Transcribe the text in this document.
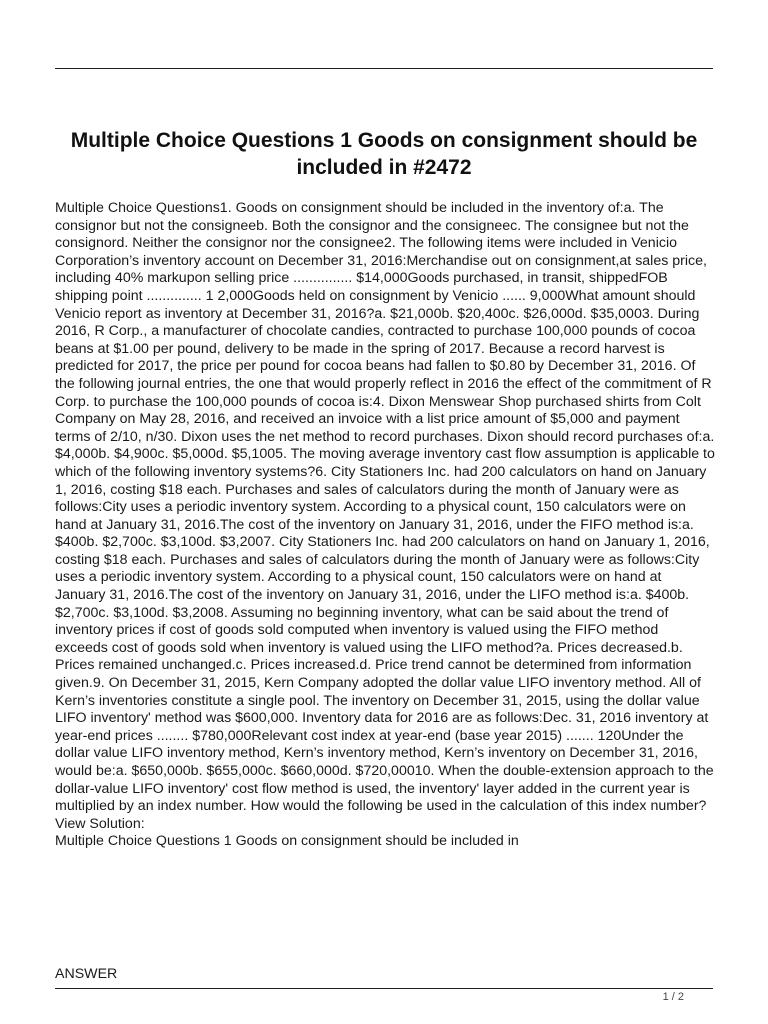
Multiple Choice Questions 1 Goods on consignment should be included in #2472

Multiple Choice Questions1. Goods on consignment should be included in the inventory of:a. The consignor but not the consigneeb. Both the consignor and the consigneec. The consignee but not the consignord. Neither the consignor nor the consignee2. The following items were included in Venicio Corporation’s inventory account on December 31, 2016:Merchandise out on consignment,at sales price, including 40% markupon selling price ............... $14,000Goods purchased, in transit, shippedFOB shipping point .............. 1 2,000Goods held on consignment by Venicio ...... 9,000What amount should Venicio report as inventory at December 31, 2016?a. $21,000b. $20,400c. $26,000d. $35,0003. During 2016, R Corp., a manufacturer of chocolate candies, contracted to purchase 100,000 pounds of cocoa beans at $1.00 per pound, delivery to be made in the spring of 2017. Because a record harvest is predicted for 2017, the price per pound for cocoa beans had fallen to $0.80 by December 31, 2016. Of the following journal entries, the one that would properly reflect in 2016 the effect of the commitment of R Corp. to purchase the 100,000 pounds of cocoa is:4. Dixon Menswear Shop purchased shirts from Colt Company on May 28, 2016, and received an invoice with a list price amount of $5,000 and payment terms of 2/10, n/30. Dixon uses the net method to record purchases. Dixon should record purchases of:a. $4,000b. $4,900c. $5,000d. $5,1005. The moving average inventory cast flow assumption is applicable to which of the following inventory systems?6. City Stationers Inc. had 200 calculators on hand on January 1, 2016, costing $18 each. Purchases and sales of calculators during the month of January were as follows:City uses a periodic inventory system. According to a physical count, 150 calculators were on hand at January 31, 2016.The cost of the inventory on January 31, 2016, under the FIFO method is:a. $400b. $2,700c. $3,100d. $3,2007. City Stationers Inc. had 200 calculators on hand on January 1, 2016, costing $18 each. Purchases and sales of calculators during the month of January were as follows:City uses a periodic inventory system. According to a physical count, 150 calculators were on hand at January 31, 2016.The cost of the inventory on January 31, 2016, under the LIFO method is:a. $400b. $2,700c. $3,100d. $3,2008. Assuming no beginning inventory, what can be said about the trend of inventory prices if cost of goods sold computed when inventory is valued using the FIFO method exceeds cost of goods sold when inventory is valued using the LIFO method?a. Prices decreased.b. Prices remained unchanged.c. Prices increased.d. Price trend cannot be determined from information given.9. On December 31, 2015, Kern Company adopted the dollar value LIFO inventory method. All of Kern’s inventories constitute a single pool. The inventory on December 31, 2015, using the dollar value LIFO inventory' method was $600,000. Inventory data for 2016 are as follows:Dec. 31, 2016 inventory at year-end prices ........ $780,000Relevant cost index at year-end (base year 2015) ....... 120Under the dollar value LIFO inventory method, Kern’s inventory method, Kern’s inventory on December 31, 2016, would be:a. $650,000b. $655,000c. $660,000d. $720,00010. When the double-extension approach to the dollar-value LIFO inventory' cost flow method is used, the inventory' layer added in the current year is multiplied by an index number. How would the following be used in the calculation of this index number?

View Solution:

Multiple Choice Questions 1 Goods on consignment should be included in

ANSWER
1 / 2
